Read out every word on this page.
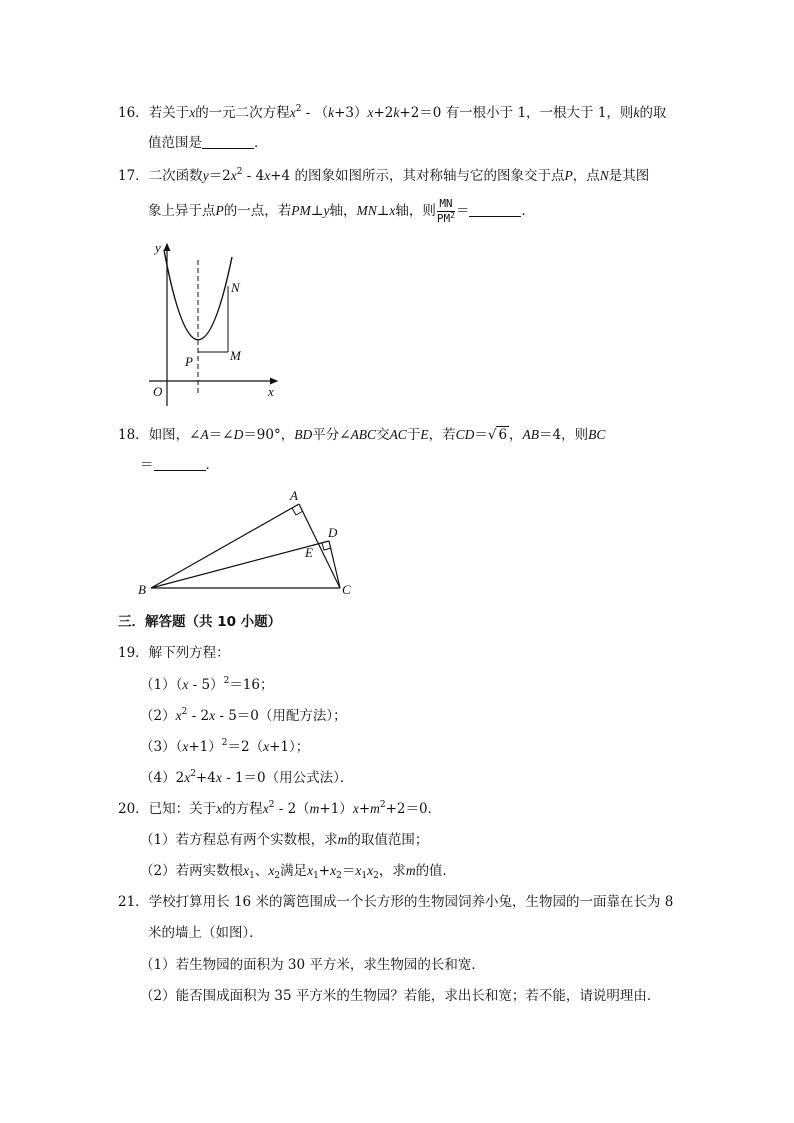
16．若关于x的一元二次方程$x^2 - (k+3)x+2k+2=0$ 有一根小于 1，一根大于 1，则k的取
值范围是	．
17．二次函数$y=2x^2 - 4x+4$ 的图象如图所示，其对称轴与它的图象交于点P，点N是其图
象上异于点P的一点，若PM⊥y轴，MN⊥x轴，则 $\frac{MN}{PM^2}$ ＝	．
y
N
P	M
O	x
18．如图，∠A＝∠D＝90°，BD平分∠ABC交AC于E，若CD＝√ 6 ，AB＝4，则BC
＝	．
A
D
E
B	C
三．解答题（共 10 小题）
19．解下列方程：
（1）（x - 5）$^2$＝16；
$(2)x^2 - 2x - 5=0$（用配方法）；
$(3)(x+1)^2=2(x+1)$；
$(4)2x^2+4x - 1=0$（用公式法）．
20．已知：关于x的方程$x^2 - 2(m+1)x+m^2+2=0$．
（1）若方程总有两个实数根，求m的取值范围；
（2）若两实数根$x_1$、$x_2$满足$x_1+x_2=x_1x_2$，求m的值．
21．学校打算用长 16 米的篱笆围成一个长方形的生物园饲养小兔，生物园的一面靠在长为 8
米的墙上（如图）．
（1）若生物园的面积为 30 平方米，求生物园的长和宽．
（2）能否围成面积为 35 平方米的生物园？若能，求出长和宽；若不能，请说明理由．
